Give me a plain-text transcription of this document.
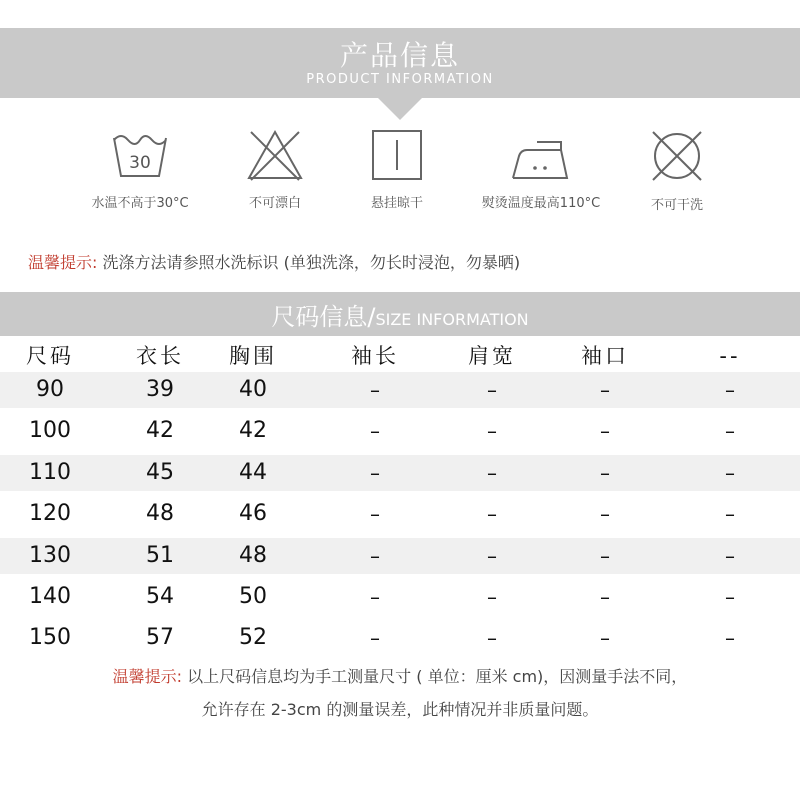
产品信息
PRODUCT INFORMATION
30
水温不高于30°C	不可漂白	悬挂晾干	熨烫温度最高110°C	不可干洗
温馨提示: 洗涤方法请参照水洗标识 (单独洗涤，勿长时浸泡，勿暴晒)
尺码信息/SIZE INFORMATION
尺码	衣长	胸围	袖长	肩宽	袖口	--
90	39	40	–	–	–	–
100	42	42	–	–	–	–
110	45	44	–	–	–	–
120	48	46	–	–	–	–
130	51	48	–	–	–	–
140	54	50	–	–	–	–
150	57	52	–	–	–	–
温馨提示: 以上尺码信息均为手工测量尺寸 ( 单位：厘米 cm)，因测量手法不同，
允许存在 2-3cm 的测量误差，此种情况并非质量问题。
